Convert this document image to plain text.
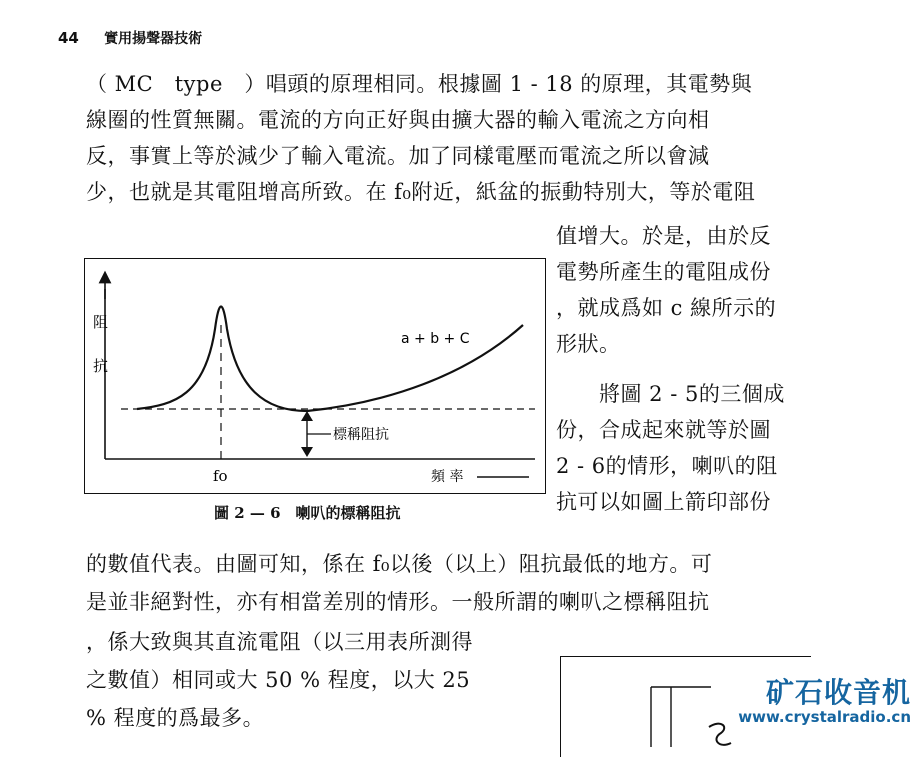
44 實用揚聲器技術
（ MC　type　）唱頭的原理相同。根據圖 1 - 18 的原理，其電勢與
線圈的性質無關。電流的方向正好與由擴大器的輸入電流之方向相
反，事實上等於減少了輸入電流。加了同樣電壓而電流之所以會減
少，也就是其電阻增高所致。在 f₀附近，紙盆的振動特別大，等於電阻
值增大。於是，由於反
電勢所產生的電阻成份
，就成爲如 c 線所示的
形狀。
　　將圖 2 - 5的三個成
份，合成起來就等於圖
2 - 6的情形，喇叭的阻
抗可以如圖上箭印部份
阻
抗
標稱阻抗
a + b + C
fo	頻 率
圖 2 — 6　喇叭的標稱阻抗
的數值代表。由圖可知，係在 f₀以後（以上）阻抗最低的地方。可
是並非絕對性，亦有相當差別的情形。一般所謂的喇叭之標稱阻抗
，係大致與其直流電阻（以三用表所測得
之數值）相同或大 50 % 程度，以大 25
% 程度的爲最多。
矿石收音机
www.crystalradio.cn
